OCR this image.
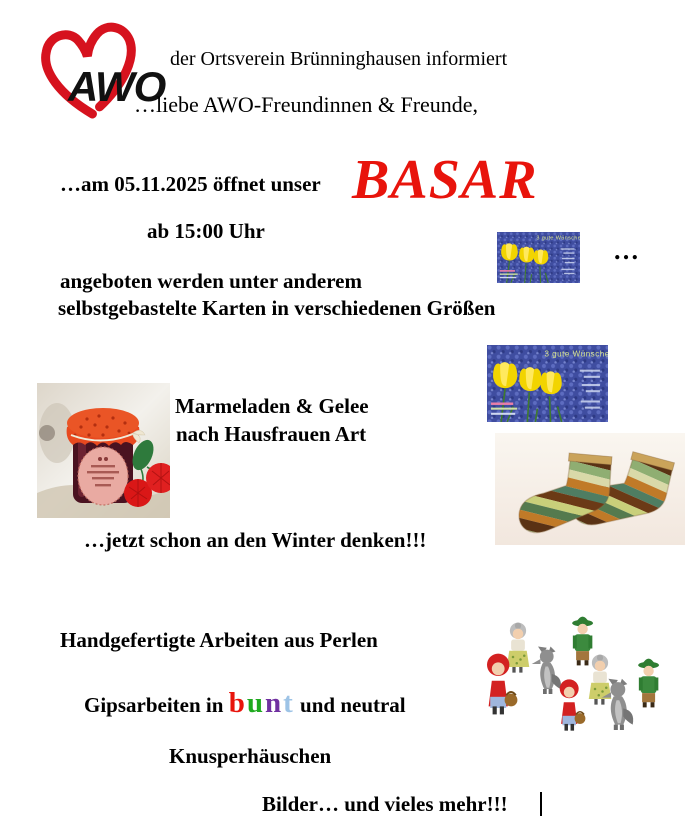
AWO
der Ortsverein Brünninghausen informiert
…liebe AWO-Freundinnen & Freunde,
…am 05.11.2025 öffnet unser BASAR
ab 15:00 Uhr
…
angeboten werden unter anderem
selbstgebastelte Karten in verschiedenen Größen
Marmeladen & Gelee
nach Hausfrauen Art
…jetzt schon an den Winter denken!!!
Handgefertigte Arbeiten aus Perlen
Gipsarbeiten in bunt und neutral
Knusperhäuschen
Bilder… und vieles mehr!!!
